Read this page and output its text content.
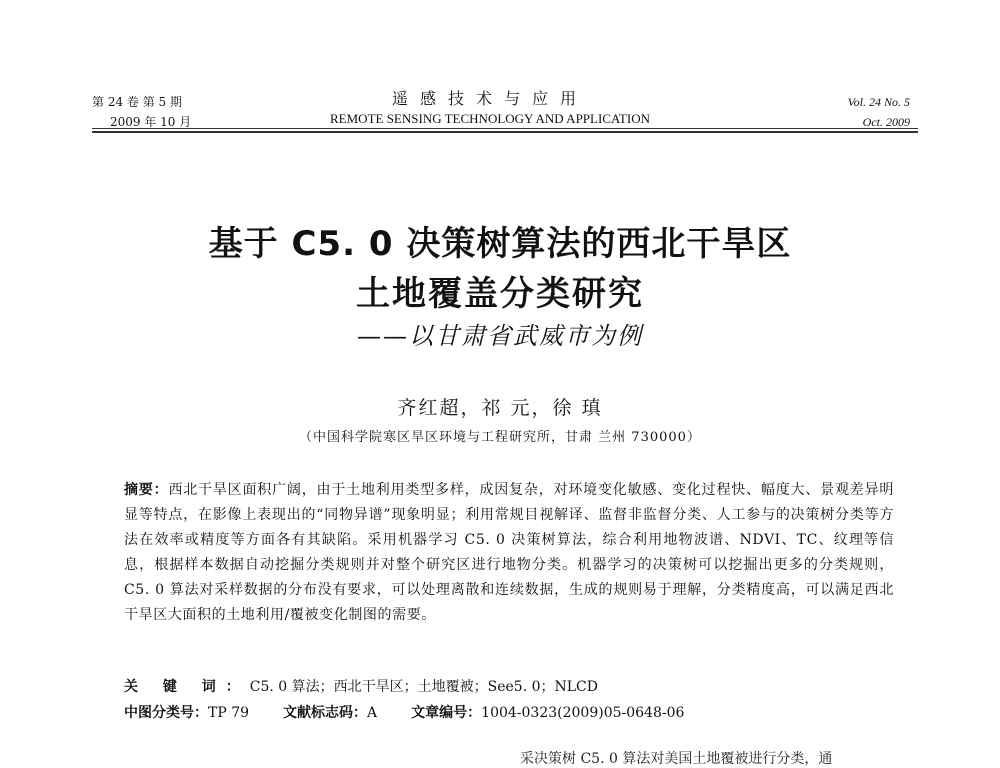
第 24 卷 第 5 期
2009 年 10 月
遥感技术与应用
REMOTE SENSING TECHNOLOGY AND APPLICATION
Vol. 24 No. 5
Oct. 2009
基于 C5. 0 决策树算法的西北干旱区
土地覆盖分类研究
——以甘肃省武威市为例
齐红超，祁 元，徐 瑱
（中国科学院寒区旱区环境与工程研究所，甘肃 兰州 730000）
摘要：西北干旱区面积广阔，由于土地利用类型多样，成因复杂，对环境变化敏感、变化过程快、幅度大、景观差异明显等特点，在影像上表现出的“同物异谱”现象明显；利用常规目视解译、监督非监督分类、人工参与的决策树分类等方法在效率或精度等方面各有其缺陷。采用机器学习 C5. 0 决策树算法，综合利用地物波谱、NDVI、TC、纹理等信息，根据样本数据自动挖掘分类规则并对整个研究区进行地物分类。机器学习的决策树可以挖掘出更多的分类规则，C5. 0 算法对采样数据的分布没有要求，可以处理离散和连续数据，生成的规则易于理解，分类精度高，可以满足西北干旱区大面积的土地利用/覆被变化制图的需要。
关 键 词：C5. 0 算法；西北干旱区；土地覆被；See5. 0；NLCD
中图分类号：TP 79 文献标志码：A 文章编号：1004-0323(2009)05-0648-06
采决策树 C5. 0 算法对美国土地覆被进行分类，通
